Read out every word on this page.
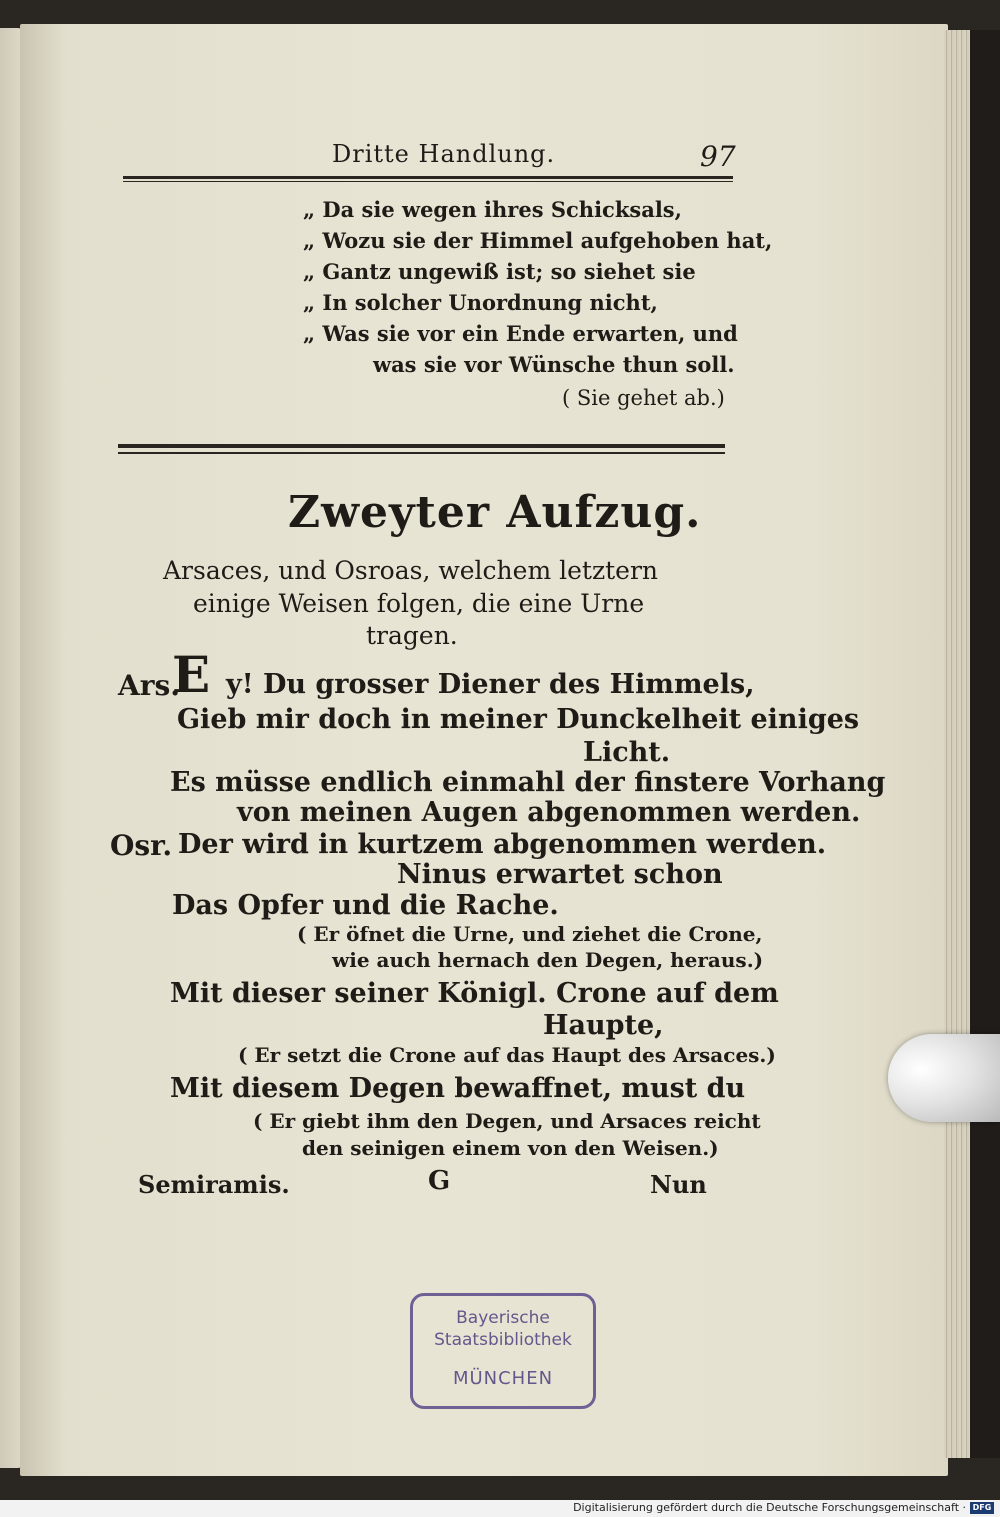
Dritte Handlung.	97
„ Da sie wegen ihres Schicksals,
„ Wozu sie der Himmel aufgehoben hat,
„ Gantz ungewiß ist; so siehet sie
„ In solcher Unordnung nicht,
„ Was sie vor ein Ende erwarten, und
was sie vor Wünsche thun soll.
( Sie gehet ab.)
Zweyter Aufzug.
Arsaces, und Osroas, welchem letztern
einige Weisen folgen, die eine Urne
tragen.
Ars.
E y! Du grosser Diener des Himmels,
Gieb mir doch in meiner Dunckelheit einiges
Licht.
Es müsse endlich einmahl der finstere Vorhang
von meinen Augen abgenommen werden.
Osr. Der wird in kurtzem abgenommen werden.
Ninus erwartet schon
Das Opfer und die Rache.
( Er öfnet die Urne, und ziehet die Crone,
wie auch hernach den Degen, heraus.)
Mit dieser seiner Königl. Crone auf dem
Haupte,
( Er setzt die Crone auf das Haupt des Arsaces.)
Mit diesem Degen bewaffnet, must du
( Er giebt ihm den Degen, und Arsaces reicht
den seinigen einem von den Weisen.)
Semiramis.	G	Nun
Bayerische
Staatsbibliothek
MÜNCHEN
Digitalisierung gefördert durch die Deutsche Forschungsgemeinschaft · DFG
